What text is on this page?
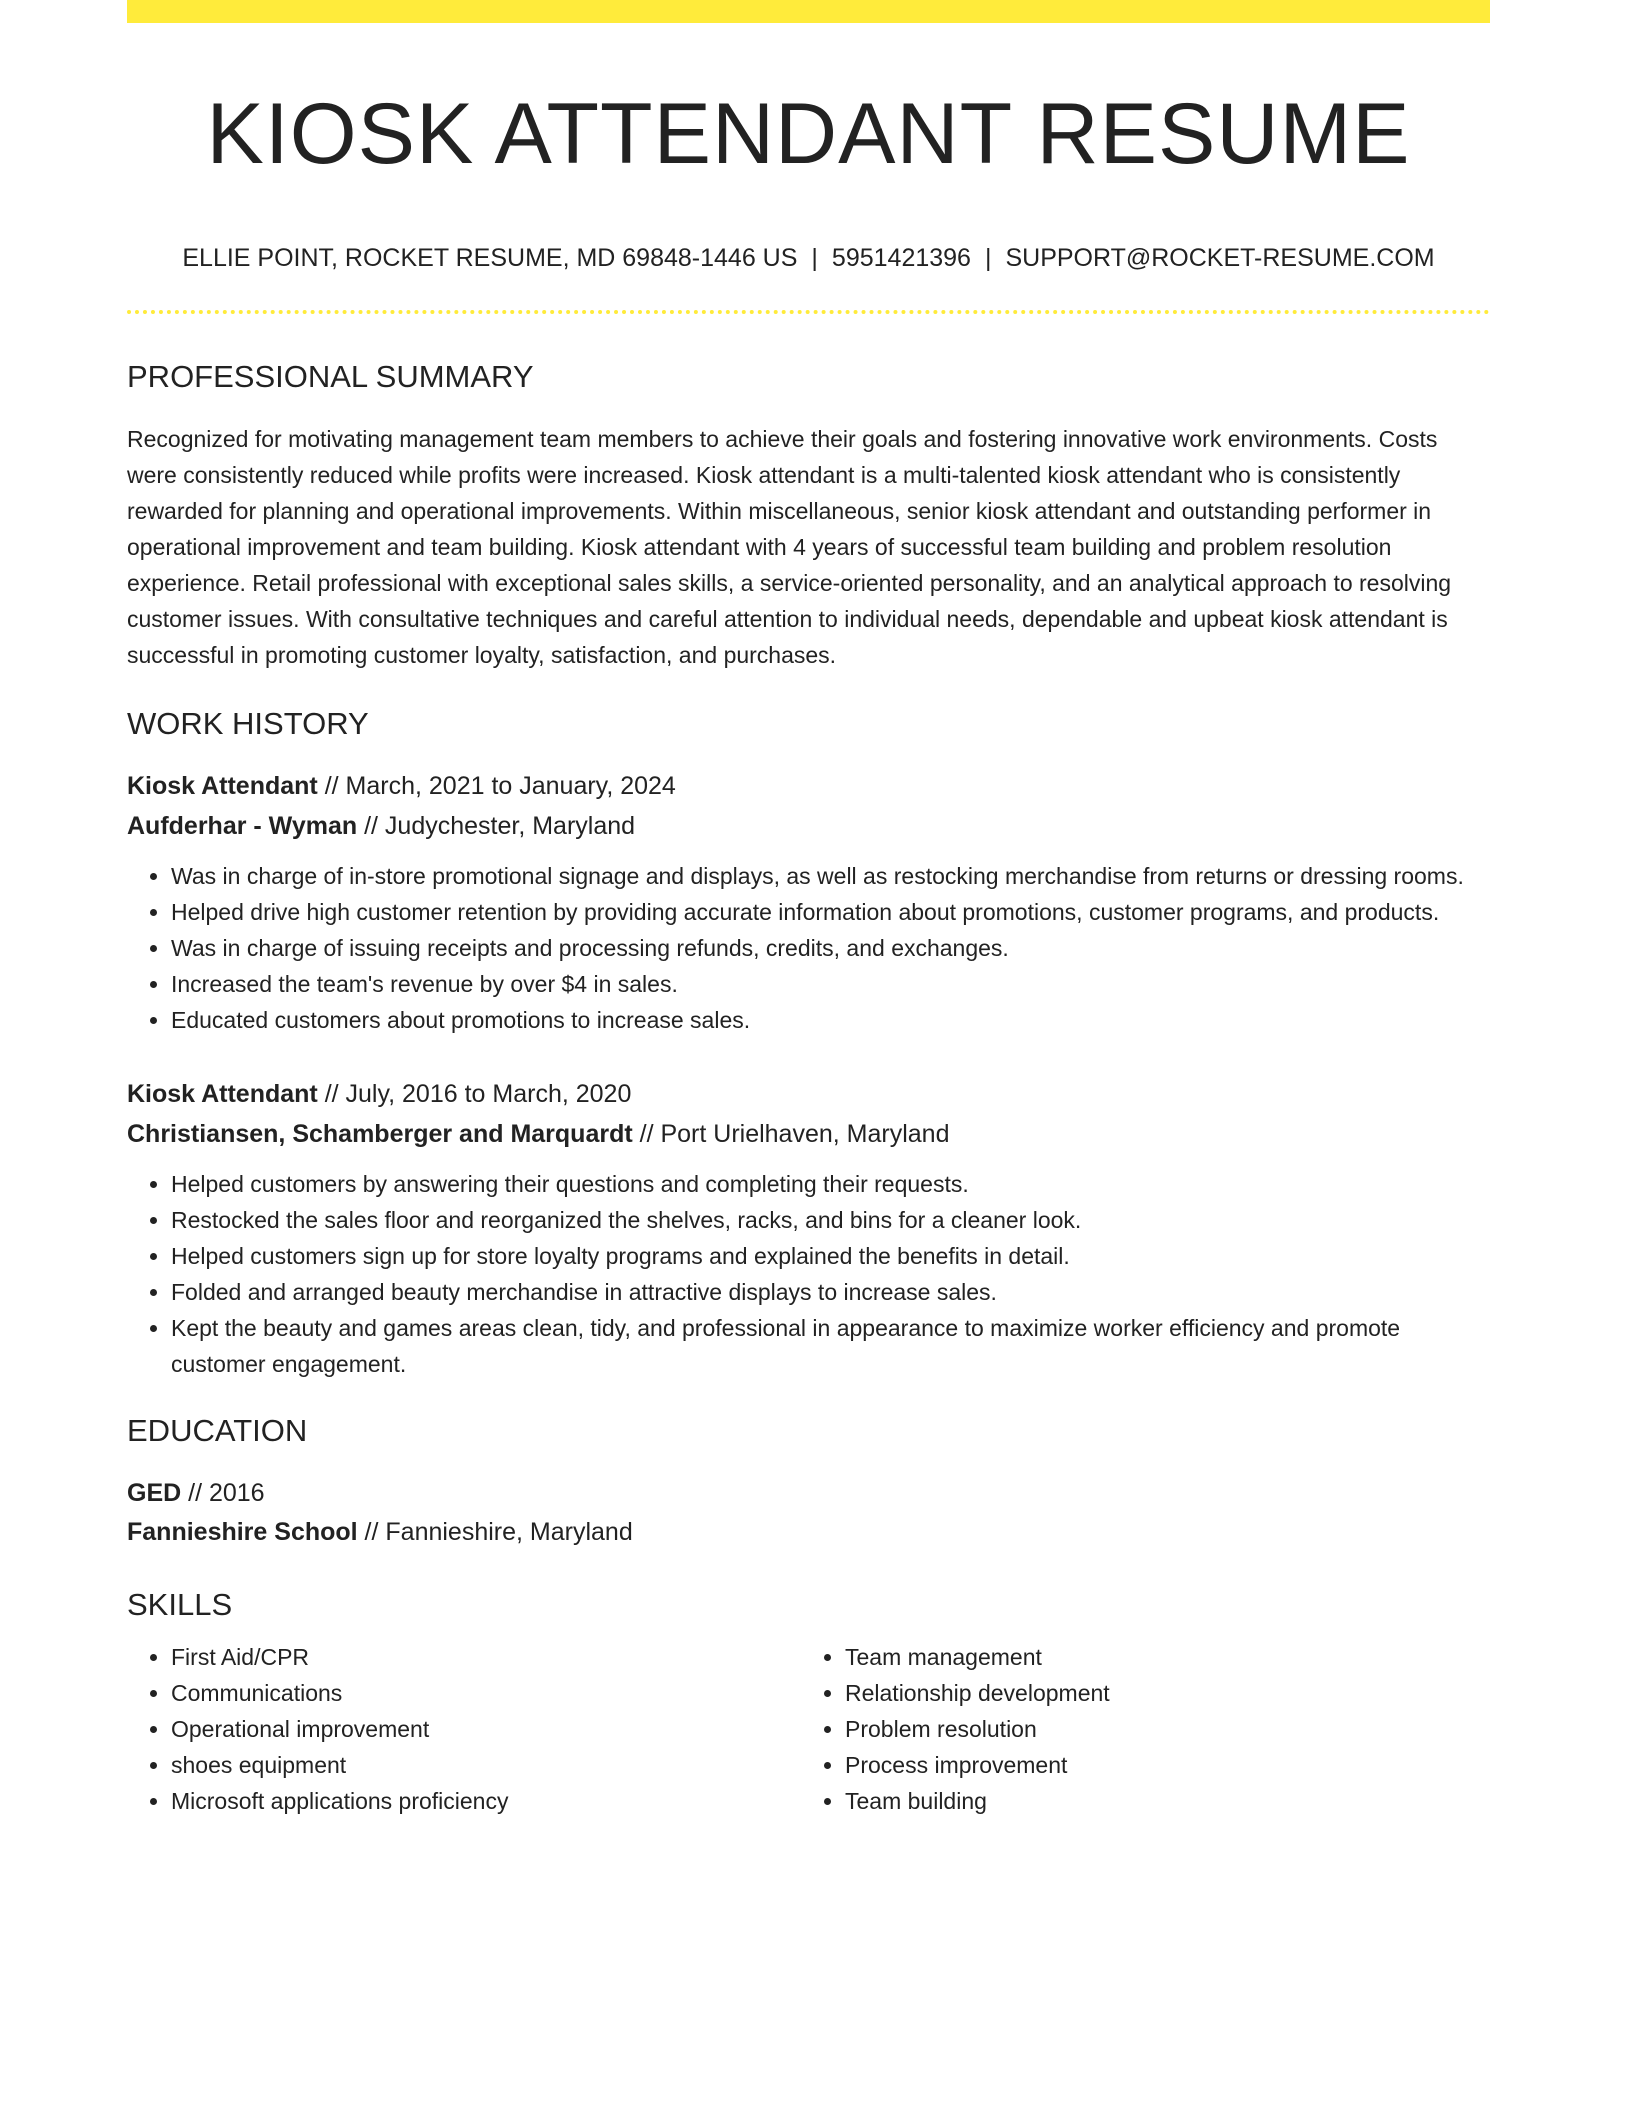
KIOSK ATTENDANT RESUME
ELLIE POINT, ROCKET RESUME, MD 69848-1446 US | 5951421396 | SUPPORT@ROCKET-RESUME.COM
PROFESSIONAL SUMMARY
Recognized for motivating management team members to achieve their goals and fostering innovative work environments. Costs were consistently reduced while profits were increased. Kiosk attendant is a multi-talented kiosk attendant who is consistently rewarded for planning and operational improvements. Within miscellaneous, senior kiosk attendant and outstanding performer in operational improvement and team building. Kiosk attendant with 4 years of successful team building and problem resolution experience. Retail professional with exceptional sales skills, a service-oriented personality, and an analytical approach to resolving customer issues. With consultative techniques and careful attention to individual needs, dependable and upbeat kiosk attendant is successful in promoting customer loyalty, satisfaction, and purchases.
WORK HISTORY
Kiosk Attendant // March, 2021 to January, 2024
Aufderhar - Wyman // Judychester, Maryland
• Was in charge of in-store promotional signage and displays, as well as restocking merchandise from returns or dressing rooms.
• Helped drive high customer retention by providing accurate information about promotions, customer programs, and products.
• Was in charge of issuing receipts and processing refunds, credits, and exchanges.
• Increased the team's revenue by over $4 in sales.
• Educated customers about promotions to increase sales.
Kiosk Attendant // July, 2016 to March, 2020
Christiansen, Schamberger and Marquardt // Port Urielhaven, Maryland
• Helped customers by answering their questions and completing their requests.
• Restocked the sales floor and reorganized the shelves, racks, and bins for a cleaner look.
• Helped customers sign up for store loyalty programs and explained the benefits in detail.
• Folded and arranged beauty merchandise in attractive displays to increase sales.
• Kept the beauty and games areas clean, tidy, and professional in appearance to maximize worker efficiency and promote customer engagement.
EDUCATION
GED // 2016
Fannieshire School // Fannieshire, Maryland
SKILLS
• First Aid/CPR
• Communications
• Operational improvement
• shoes equipment
• Microsoft applications proficiency
• Team management
• Relationship development
• Problem resolution
• Process improvement
• Team building
